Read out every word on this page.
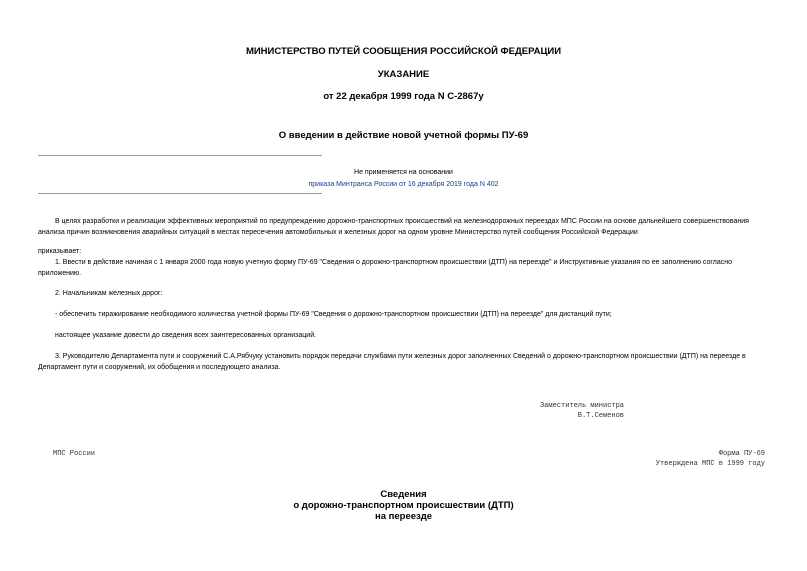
МИНИСТЕРСТВО ПУТЕЙ СООБЩЕНИЯ РОССИЙСКОЙ ФЕДЕРАЦИИ
УКАЗАНИЕ
от 22 декабря 1999 года N С-2867у
О введении в действие новой учетной формы ПУ-69
Не применяется на основании
приказа Минтранса России от 16 декабря 2019 года N 402
В целях разработки и реализации эффективных мероприятий по предупреждению дорожно-транспортных происшествий на железнодорожных переездах МПС России на основе дальнейшего совершенствования анализа причин возникновения аварийных ситуаций в местах пересечения автомобильных и железных дорог на одном уровне Министерство путей сообщения Российской Федерации
приказывает:
1. Ввести в действие начиная с 1 января 2000 года новую учетную форму ПУ-69 "Сведения о дорожно-транспортном происшествии (ДТП) на переезде" и Инструктивные указания по ее заполнению согласно приложению.
2. Начальникам железных дорог:
- обеспечить тиражирование необходимого количества учетной формы ПУ-69 "Сведения о дорожно-транспортном происшествии (ДТП) на переезде" для дистанций пути;
настоящее указание довести до сведения всех заинтересованных организаций.
3. Руководителю Департамента пути и сооружений С.А.Рябчуку установить порядок передачи службами пути железных дорог заполненных Сведений о дорожно-транспортном происшествии (ДТП) на переезде в Департамент пути и сооружений, их обобщения и последующего анализа.
Заместитель министра
В.Т.Семенов
МПС России	Форма ПУ-69
Утверждена МПС в 1999 году
Сведения
о дорожно-транспортном происшествии (ДТП)
на переезде
